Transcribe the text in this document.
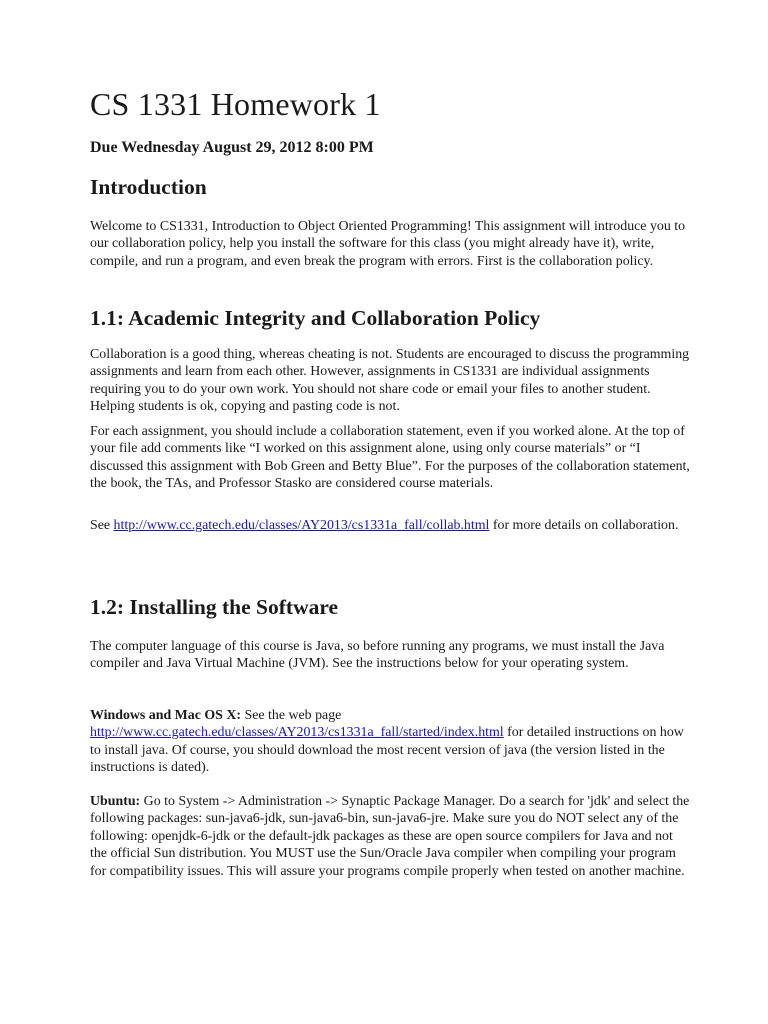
CS 1331 Homework 1
Due Wednesday August 29, 2012 8:00 PM
Introduction

Welcome to CS1331, Introduction to Object Oriented Programming! This assignment will introduce you to our collaboration policy, help you install the software for this class (you might already have it), write, compile, and run a program, and even break the program with errors. First is the collaboration policy.

1.1: Academic Integrity and Collaboration Policy

Collaboration is a good thing, whereas cheating is not. Students are encouraged to discuss the programming assignments and learn from each other. However, assignments in CS1331 are individual assignments requiring you to do your own work. You should not share code or email your files to another student. Helping students is ok, copying and pasting code is not.

For each assignment, you should include a collaboration statement, even if you worked alone. At the top of your file add comments like “I worked on this assignment alone, using only course materials” or “I discussed this assignment with Bob Green and Betty Blue”. For the purposes of the collaboration statement, the book, the TAs, and Professor Stasko are considered course materials.

See http://www.cc.gatech.edu/classes/AY2013/cs1331a_fall/collab.html for more details on collaboration.

1.2: Installing the Software

The computer language of this course is Java, so before running any programs, we must install the Java compiler and Java Virtual Machine (JVM). See the instructions below for your operating system.

Windows and Mac OS X: See the web page http://www.cc.gatech.edu/classes/AY2013/cs1331a_fall/started/index.html for detailed instructions on how to install java. Of course, you should download the most recent version of java (the version listed in the instructions is dated).

Ubuntu: Go to System -> Administration -> Synaptic Package Manager. Do a search for 'jdk' and select the following packages: sun-java6-jdk, sun-java6-bin, sun-java6-jre. Make sure you do NOT select any of the following: openjdk-6-jdk or the default-jdk packages as these are open source compilers for Java and not the official Sun distribution. You MUST use the Sun/Oracle Java compiler when compiling your program for compatibility issues. This will assure your programs compile properly when tested on another machine.
